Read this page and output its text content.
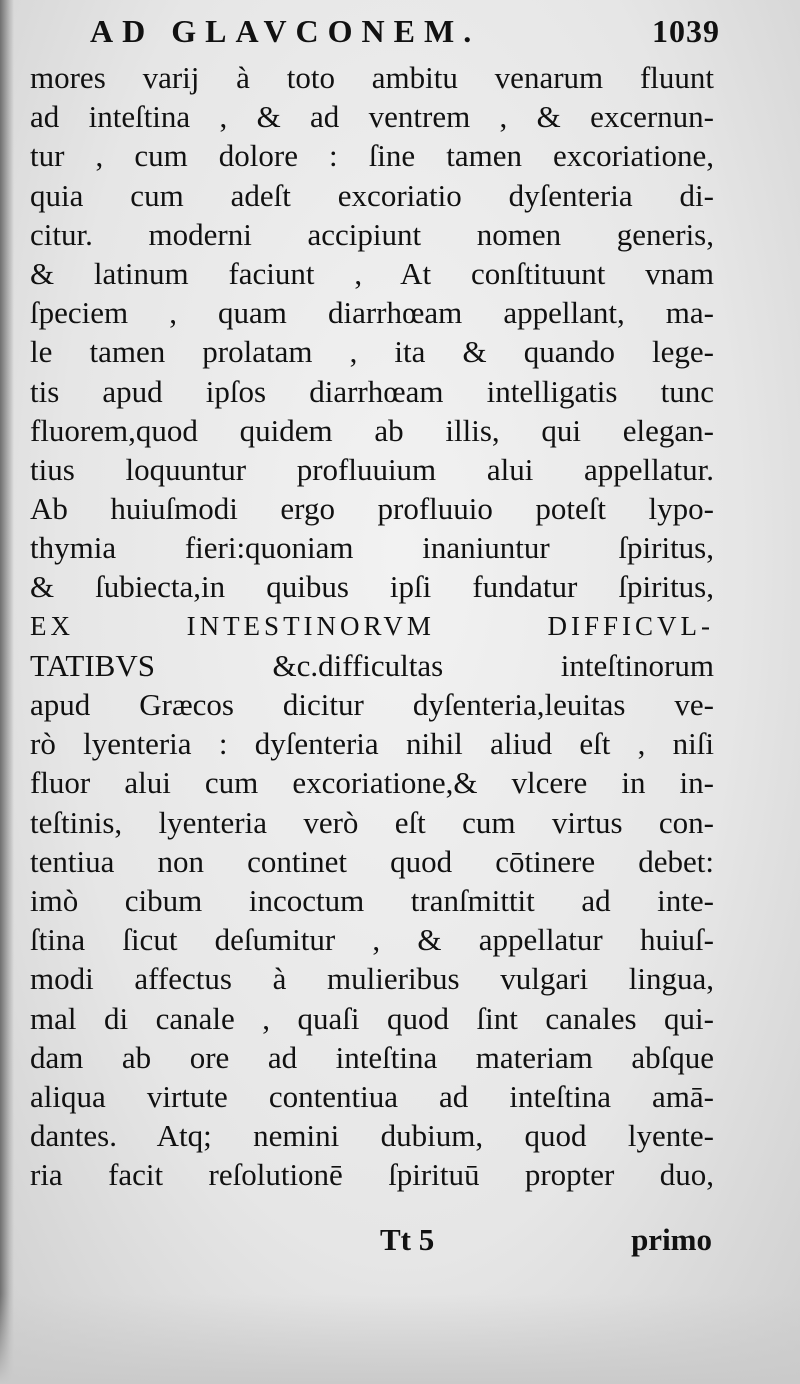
AD GLAVCONEM.	1039
mores varij à toto ambitu venarum fluunt
ad inteſtina , & ad ventrem , & excernun-
tur , cum dolore : ſine tamen excoriatione,
quia cum adeſt excoriatio dyſenteria di-
citur. moderni accipiunt nomen generis,
& latinum faciunt , At conſtituunt vnam
ſpeciem , quam diarrhœam appellant, ma-
le tamen prolatam , ita & quando lege-
tis apud ipſos diarrhœam intelligatis tunc
fluorem,quod quidem ab illis, qui elegan-
tius loquuntur profluuium alui appellatur.
Ab huiuſmodi ergo profluuio poteſt lypo-
thymia fieri:quoniam inaniuntur ſpiritus,
& ſubiecta,in quibus ipſi fundatur ſpiritus,
EX INTESTINORVM DIFFICVL-
TATIBVS &c.difficultas inteſtinorum
apud Græcos dicitur dyſenteria,leuitas ve-
rò lyenteria : dyſenteria nihil aliud eſt , niſi
fluor alui cum excoriatione,& vlcere in in-
teſtinis, lyenteria verò eſt cum virtus con-
tentiua non continet quod cōtinere debet:
imò cibum incoctum tranſmittit ad inte-
ſtina ſicut deſumitur , & appellatur huiuſ-
modi affectus à mulieribus vulgari lingua,
mal di canale , quaſi quod ſint canales qui-
dam ab ore ad inteſtina materiam abſque
aliqua virtute contentiua ad inteſtina amā-
dantes. Atq; nemini dubium, quod lyente-
ria facit reſolutionē ſpirituū propter duo,
Tt 5	primo
